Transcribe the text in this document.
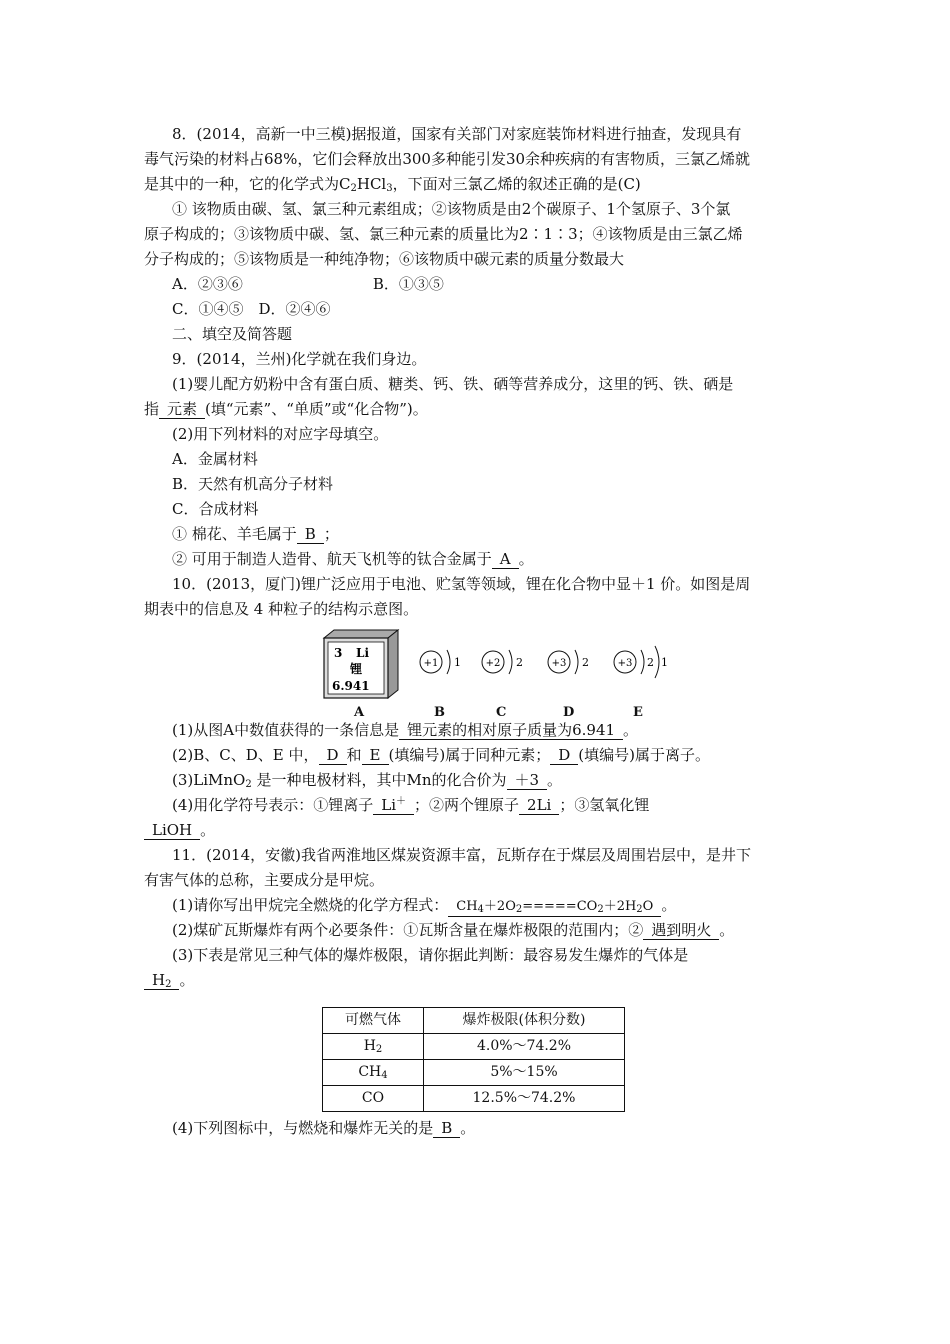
8．(2014，高新一中三模)据报道，国家有关部门对家庭装饰材料进行抽查，发现具有

毒气污染的材料占68%，它们会释放出300多种能引发30余种疾病的有害物质，三氯乙烯就

是其中的一种，它的化学式为$C_2HCl_3$，下面对三氯乙烯的叙述正确的是(C)

① 该物质由碳、氢、氯三种元素组成；②该物质是由2个碳原子、1个氢原子、3个氯

原子构成的；③该物质中碳、氢、氯三种元素的质量比为2∶1∶3；④该物质是由三氯乙烯

分子构成的；⑤该物质是一种纯净物；⑥该物质中碳元素的质量分数最大

A．②③⑥	B．①③⑤

C．①④⑤　D．②④⑥

二、填空及简答题

9．(2014，兰州)化学就在我们身边。

(1)婴儿配方奶粉中含有蛋白质、糖类、钙、铁、硒等营养成分，这里的钙、铁、硒是

指 元素 (填“元素”、“单质”或“化合物”)。

(2)用下列材料的对应字母填空。

A．金属材料

B．天然有机高分子材料

C．合成材料

① 棉花、羊毛属于 B ；

② 可用于制造人造骨、航天飞机等的钛合金属于 A 。

10．(2013，厦门)锂广泛应用于电池、贮氢等领域，锂在化合物中显＋1 价。如图是周

期表中的信息及 4 种粒子的结构示意图。

3 Li
锂
6.941
+1 1 +2 2	+3 2	+3 2 1
A	B	C	D	E

(1)从图A中数值获得的一条信息是 锂元素的相对原子质量为6.941 。

(2)B、C、D、E 中， D 和 E (填编号)属于同种元素； D (填编号)属于离子。

(3)LiMnO$_2$ 是一种电极材料，其中Mn的化合价为 ＋3 。

(4)用化学符号表示：①锂离子 Li＋ ；②两个锂原子 2Li ；③氢氧化锂

LiOH 。

11．(2014，安徽)我省两淮地区煤炭资源丰富，瓦斯存在于煤层及周围岩层中，是井下

有害气体的总称，主要成分是甲烷。

(1)请你写出甲烷完全燃烧的化学方程式： $CH_4+2O_2=====CO_2+2H_2O$ 。

(2)煤矿瓦斯爆炸有两个必要条件：①瓦斯含量在爆炸极限的范围内；② 遇到明火 。

(3)下表是常见三种气体的爆炸极限，请你据此判断：最容易发生爆炸的气体是

$H_2$ 。

可燃气体	爆炸极限(体积分数)
$H_2$	4.0%～74.2%
$CH_4$	5%～15%
CO	12.5%～74.2%

(4)下列图标中，与燃烧和爆炸无关的是 B 。
